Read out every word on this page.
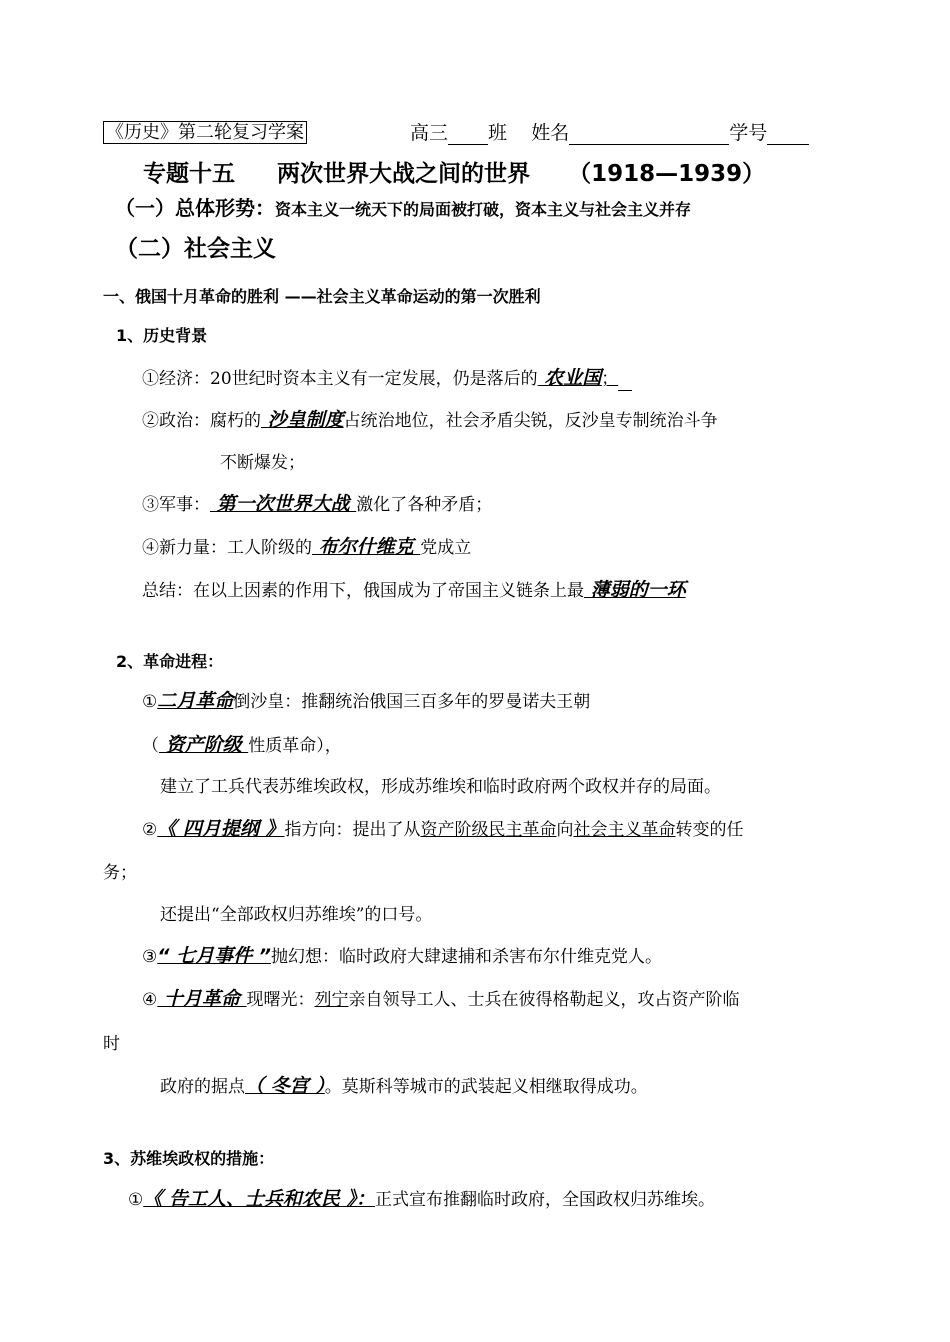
《历史》第二轮复习学案	高三 班 姓名	学号
专题十五 两次世界大战之间的世界 （1918—1939）
（一）总体形势：资本主义一统天下的局面被打破，资本主义与社会主义并存
（二）社会主义
一、俄国十月革命的胜利 ——社会主义革命运动的第一次胜利
1、历史背景
①经济：20世纪时资本主义有一定发展，仍是落后的 农业国；
②政治：腐朽的 沙皇制度占统治地位，社会矛盾尖锐，反沙皇专制统治斗争
不断爆发；
③军事： 第一次世界大战 激化了各种矛盾；
④新力量：工人阶级的 布尔什维克 党成立
总结：在以上因素的作用下，俄国成为了帝国主义链条上最 薄弱的一环
2、革命进程：
①二月革命倒沙皇：推翻统治俄国三百多年的罗曼诺夫王朝
（ 资产阶级 性质革命），
建立了工兵代表苏维埃政权，形成苏维埃和临时政府两个政权并存的局面。
②《 四月提纲 》指方向：提出了从资产阶级民主革命向社会主义革命转变的任
务；
还提出“全部政权归苏维埃”的口号。
③“ 七月事件 ”抛幻想：临时政府大肆逮捕和杀害布尔什维克党人。
④ 十月革命 现曙光：列宁亲自领导工人、士兵在彼得格勒起义，攻占资产阶临
时
政府的据点（ 冬宫 ）。莫斯科等城市的武装起义相继取得成功。
3、苏维埃政权的措施：
①《 告工人、士兵和农民 》：正式宣布推翻临时政府，全国政权归苏维埃。
